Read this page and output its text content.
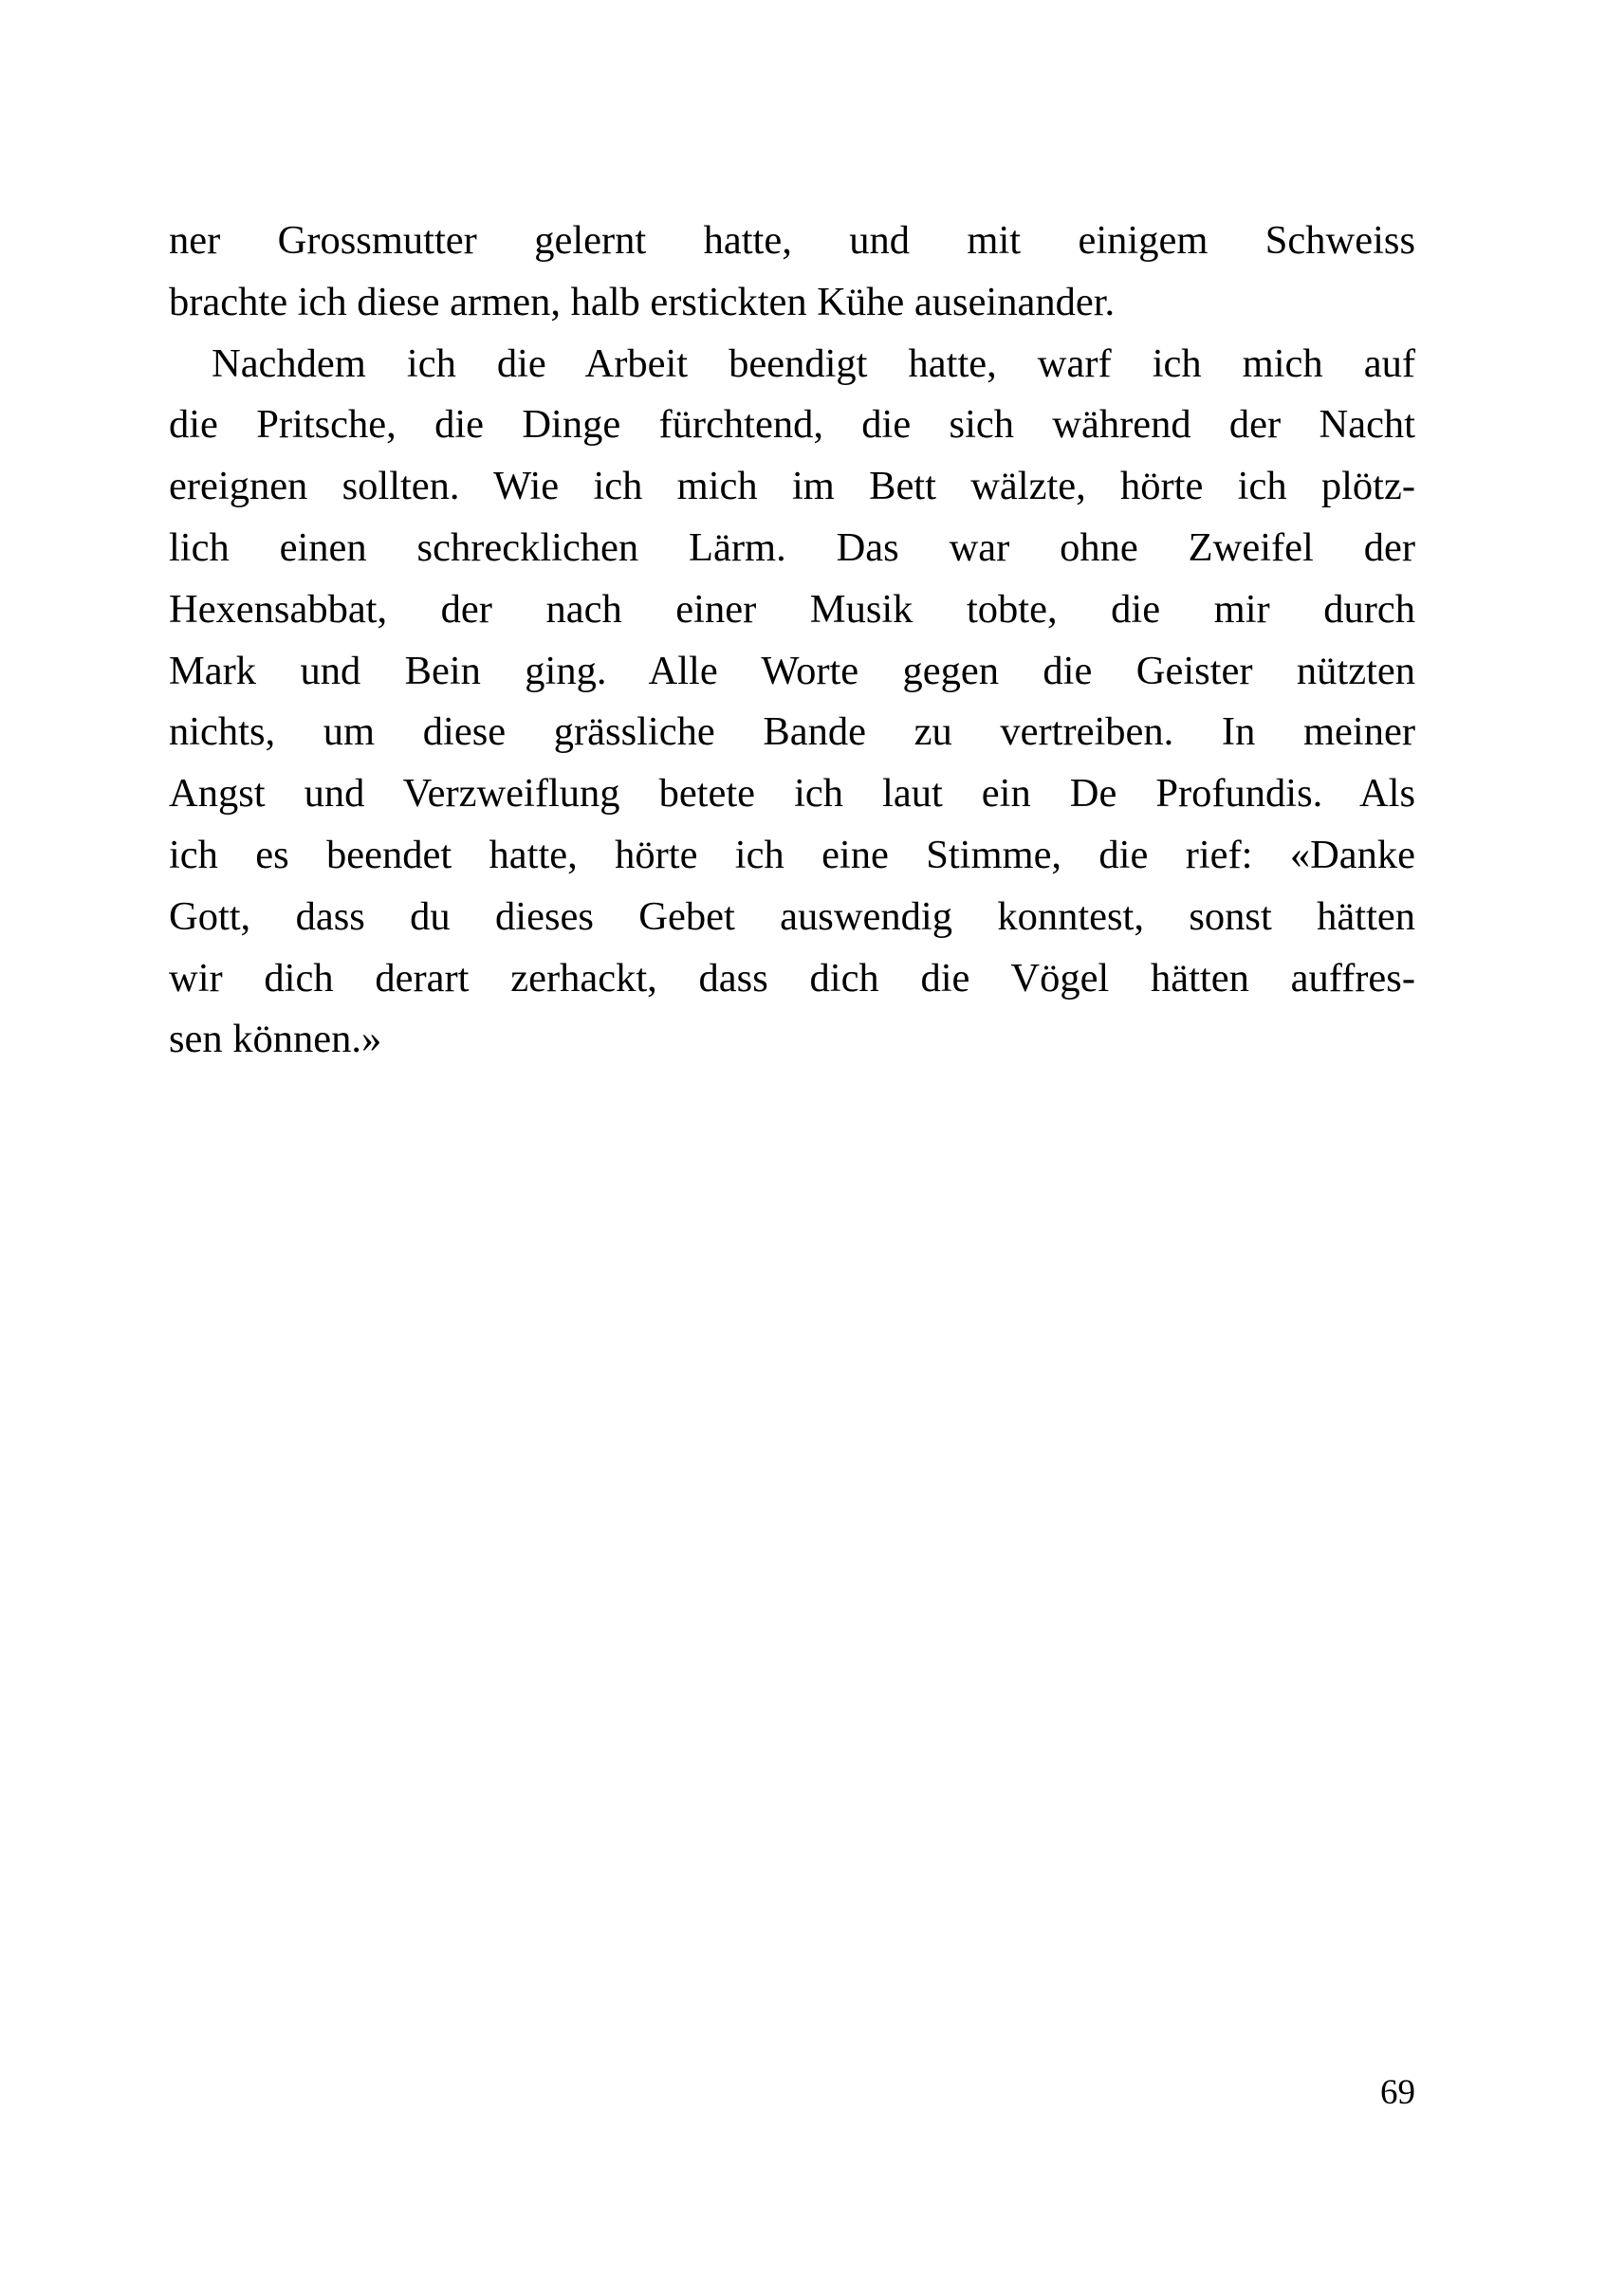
ner Grossmutter gelernt hatte, und mit einigem Schweiss
brachte ich diese armen, halb erstickten Kühe auseinander.
Nachdem ich die Arbeit beendigt hatte, warf ich mich auf
die Pritsche, die Dinge fürchtend, die sich während der Nacht
ereignen sollten. Wie ich mich im Bett wälzte, hörte ich plötz-
lich einen schrecklichen Lärm. Das war ohne Zweifel der
Hexensabbat, der nach einer Musik tobte, die mir durch
Mark und Bein ging. Alle Worte gegen die Geister nützten
nichts, um diese grässliche Bande zu vertreiben. In meiner
Angst und Verzweiflung betete ich laut ein De Profundis. Als
ich es beendet hatte, hörte ich eine Stimme, die rief: «Danke
Gott, dass du dieses Gebet auswendig konntest, sonst hätten
wir dich derart zerhackt, dass dich die Vögel hätten auffres-
sen können.»
69
